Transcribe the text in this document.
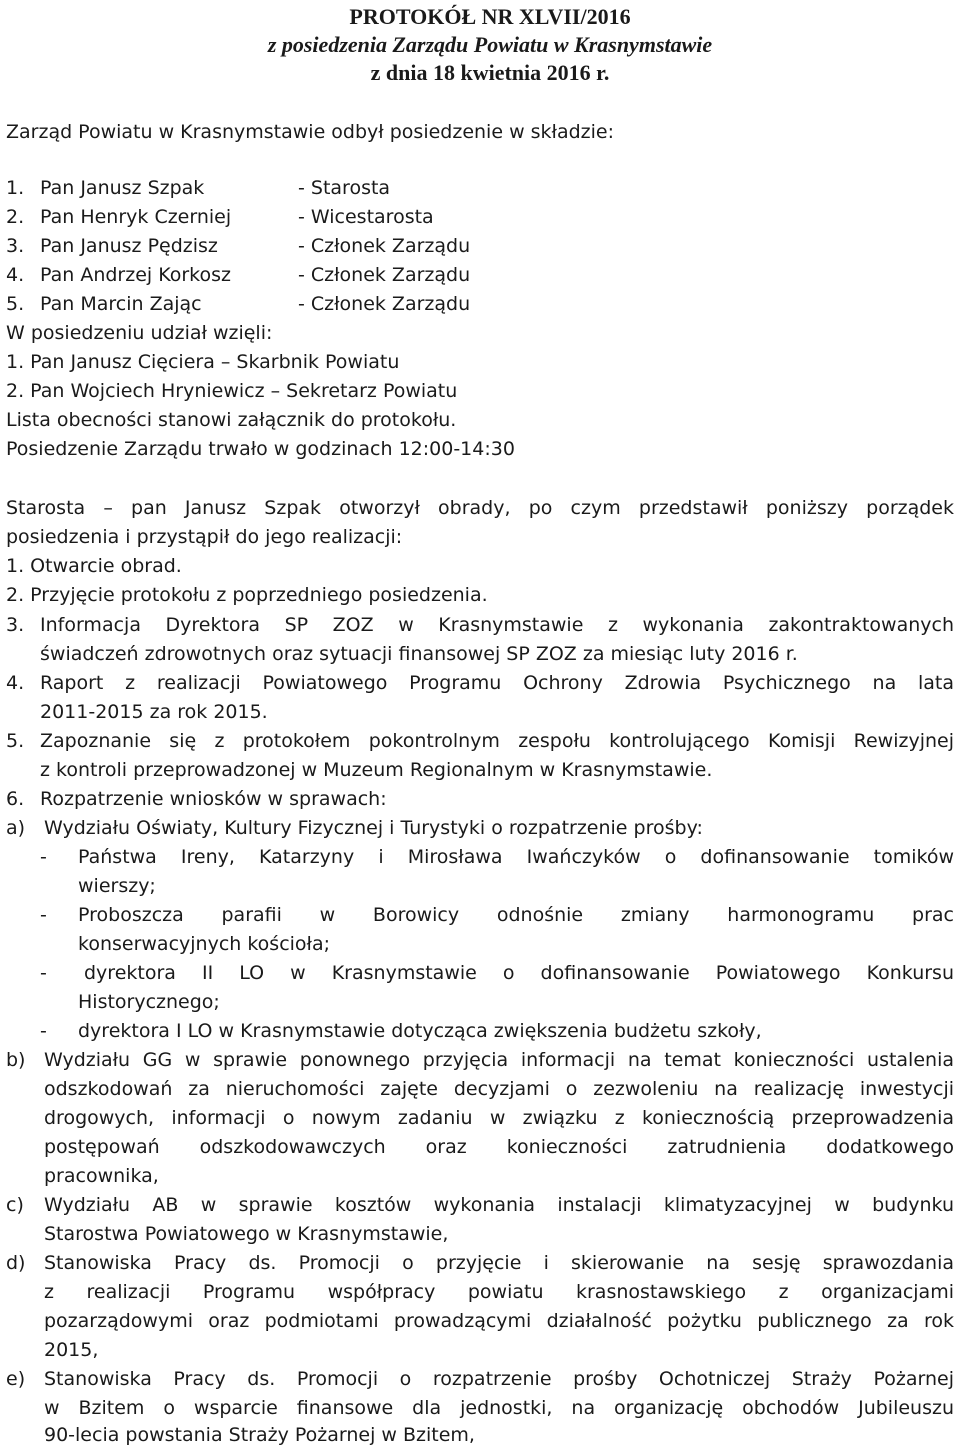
PROTOKÓŁ NR XLVII/2016
z posiedzenia Zarządu Powiatu w Krasnymstawie
z dnia 18 kwietnia 2016 r.
Zarząd Powiatu w Krasnymstawie odbył posiedzenie w składzie:
1. Pan Janusz Szpak	- Starosta
2. Pan Henryk Czerniej	- Wicestarosta
3. Pan Janusz Pędzisz	- Członek Zarządu
4. Pan Andrzej Korkosz	- Członek Zarządu
5. Pan Marcin Zając	- Członek Zarządu
W posiedzeniu udział wzięli:
1. Pan Janusz Cięciera – Skarbnik Powiatu
2. Pan Wojciech Hryniewicz – Sekretarz Powiatu
Lista obecności stanowi załącznik do protokołu.
Posiedzenie Zarządu trwało w godzinach 12:00-14:30
Starosta – pan Janusz Szpak otworzył obrady, po czym przedstawił poniższy porządek
posiedzenia i przystąpił do jego realizacji:
1. Otwarcie obrad.
2. Przyjęcie protokołu z poprzedniego posiedzenia.
3. Informacja Dyrektora SP ZOZ w Krasnymstawie z wykonania zakontraktowanych
świadczeń zdrowotnych oraz sytuacji finansowej SP ZOZ za miesiąc luty 2016 r.
4. Raport z realizacji Powiatowego Programu Ochrony Zdrowia Psychicznego na lata
2011-2015 za rok 2015.
5. Zapoznanie się z protokołem pokontrolnym zespołu kontrolującego Komisji Rewizyjnej
z kontroli przeprowadzonej w Muzeum Regionalnym w Krasnymstawie.
6. Rozpatrzenie wniosków w sprawach:
a) Wydziału Oświaty, Kultury Fizycznej i Turystyki o rozpatrzenie prośby:
-	Państwa Ireny, Katarzyny i Mirosława Iwańczyków o dofinansowanie tomików
wierszy;
-	Proboszcza parafii w Borowicy odnośnie zmiany harmonogramu prac
konserwacyjnych kościoła;
-	dyrektora II LO w Krasnymstawie o dofinansowanie Powiatowego Konkursu
Historycznego;
-	dyrektora I LO w Krasnymstawie dotycząca zwiększenia budżetu szkoły,
b) Wydziału GG w sprawie ponownego przyjęcia informacji na temat konieczności ustalenia
odszkodowań za nieruchomości zajęte decyzjami o zezwoleniu na realizację inwestycji
drogowych, informacji o nowym zadaniu w związku z koniecznością przeprowadzenia
postępowań odszkodowawczych oraz konieczności zatrudnienia dodatkowego
pracownika,
c)	Wydziału AB w sprawie kosztów wykonania instalacji klimatyzacyjnej w budynku
Starostwa Powiatowego w Krasnymstawie,
d) Stanowiska Pracy ds. Promocji o przyjęcie i skierowanie na sesję sprawozdania
z realizacji Programu współpracy powiatu krasnostawskiego z organizacjami
pozarządowymi oraz podmiotami prowadzącymi działalność pożytku publicznego za rok
2015,
e) Stanowiska Pracy ds. Promocji o rozpatrzenie prośby Ochotniczej Straży Pożarnej
w Bzitem o wsparcie finansowe dla jednostki, na organizację obchodów Jubileuszu
90-lecia powstania Straży Pożarnej w Bzitem,
